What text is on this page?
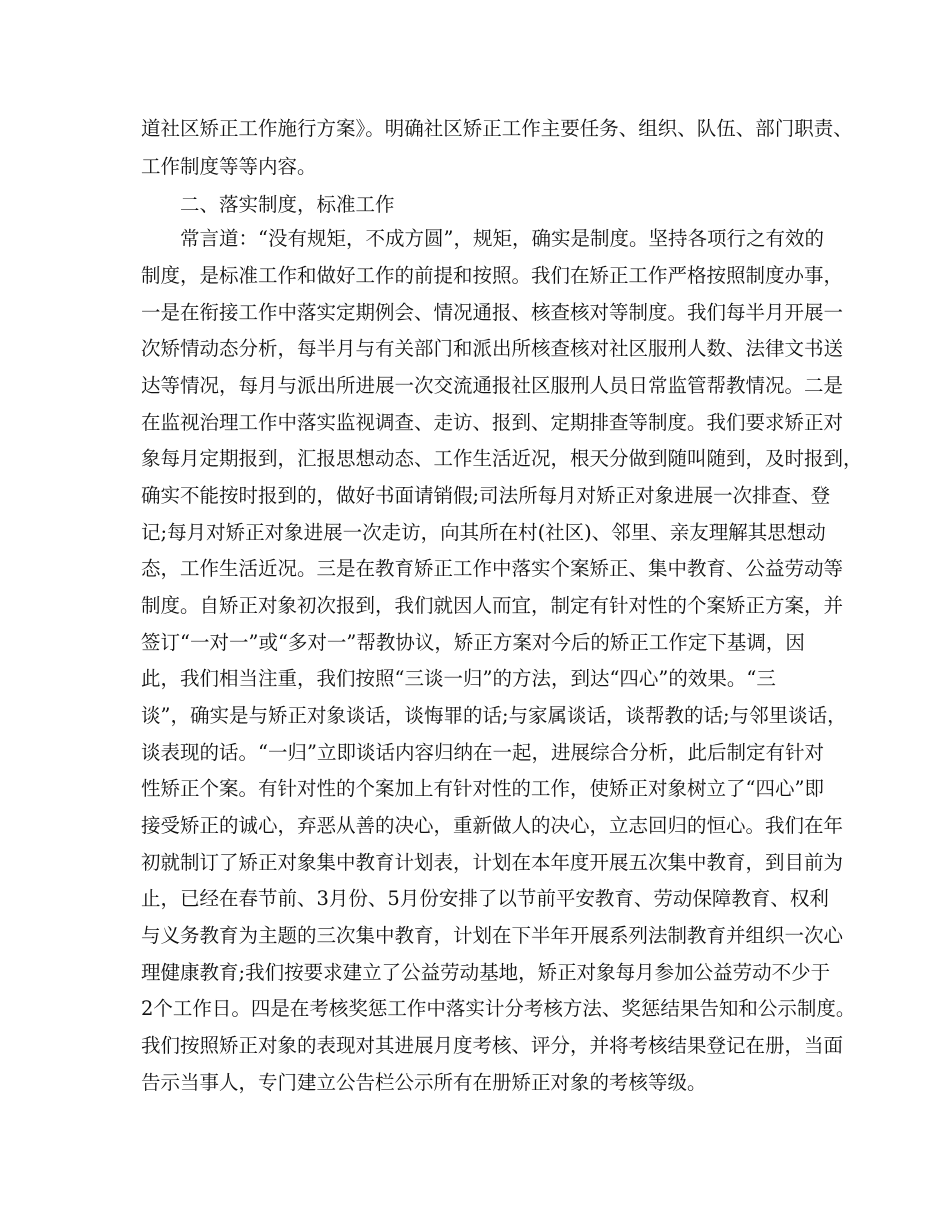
道社区矫正工作施行方案》。明确社区矫正工作主要任务、组织、队伍、部门职责、
工作制度等等内容。
二、落实制度，标准工作
常言道：“没有规矩，不成方圆”，规矩，确实是制度。坚持各项行之有效的
制度，是标准工作和做好工作的前提和按照。我们在矫正工作严格按照制度办事，
一是在衔接工作中落实定期例会、情况通报、核查核对等制度。我们每半月开展一
次矫情动态分析，每半月与有关部门和派出所核查核对社区服刑人数、法律文书送
达等情况，每月与派出所进展一次交流通报社区服刑人员日常监管帮教情况。二是
在监视治理工作中落实监视调查、走访、报到、定期排查等制度。我们要求矫正对
象每月定期报到，汇报思想动态、工作生活近况，根天分做到随叫随到，及时报到，
确实不能按时报到的，做好书面请销假;司法所每月对矫正对象进展一次排查、登
记;每月对矫正对象进展一次走访，向其所在村(社区)、邻里、亲友理解其思想动
态，工作生活近况。三是在教育矫正工作中落实个案矫正、集中教育、公益劳动等
制度。自矫正对象初次报到，我们就因人而宜，制定有针对性的个案矫正方案，并
签订“一对一”或“多对一”帮教协议，矫正方案对今后的矫正工作定下基调，因
此，我们相当注重，我们按照“三谈一归”的方法，到达“四心”的效果。“三
谈”，确实是与矫正对象谈话，谈悔罪的话;与家属谈话，谈帮教的话;与邻里谈话，
谈表现的话。“一归”立即谈话内容归纳在一起，进展综合分析，此后制定有针对
性矫正个案。有针对性的个案加上有针对性的工作，使矫正对象树立了“四心”即
接受矫正的诚心，弃恶从善的决心，重新做人的决心，立志回归的恒心。我们在年
初就制订了矫正对象集中教育计划表，计划在本年度开展五次集中教育，到目前为
止，已经在春节前、3月份、5月份安排了以节前平安教育、劳动保障教育、权利
与义务教育为主题的三次集中教育，计划在下半年开展系列法制教育并组织一次心
理健康教育;我们按要求建立了公益劳动基地，矫正对象每月参加公益劳动不少于
2个工作日。四是在考核奖惩工作中落实计分考核方法、奖惩结果告知和公示制度。
我们按照矫正对象的表现对其进展月度考核、评分，并将考核结果登记在册，当面
告示当事人，专门建立公告栏公示所有在册矫正对象的考核等级。
